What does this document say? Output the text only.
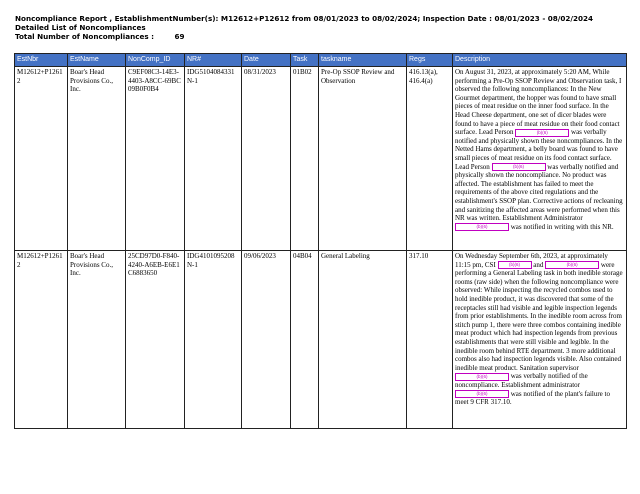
Noncompliance Report , EstablishmentNumber(s): M12612+P12612 from 08/01/2023 to 08/02/2024; Inspection Date : 08/01/2023 - 08/02/2024
Detailed List of Noncompliances
Total Number of Noncompliances :	69
EstNbr	EstName	NonComp_ID	NR#	Date	Task	taskname	Regs	Description
M12612+P12612	Boar's Head Provisions Co., Inc.	C9EF08C3-14E3-4403-A8CC-69BC09B0F0B4	IDG5104084331N-1	08/31/2023	01B02	Pre-Op SSOP Review and Observation	416.13(a), 416.4(a)	On August 31, 2023, at approximately 5:20 AM, While performing a Pre-Op SSOP Review and Observation task, I observed the following noncompliances: In the New Gourmet department, the hopper was found to have small pieces of meat residue on the inner food surface. In the Head Cheese department, one set of dicer blades were found to have a piece of meat residue on their food contact surface. Lead Person (b)(6) was verbally notified and physically shown these noncompliances. In the Netted Hams department, a belly board was found to have small pieces of meat residue on its food contact surface. Lead Person (b)(6) was verbally notified and physically shown the noncompliance. No product was affected. The establishment has failed to meet the requirements of the above cited regulations and the establishment's SSOP plan. Corrective actions of recleaning and sanitizing the affected areas were performed when this NR was written. Establishment Administrator (b)(6) was notified in writing with this NR.
M12612+P12612	Boar's Head Provisions Co., Inc.	25CD97D0-F840-4240-A6EB-E6E1C6883650	IDG4101095208N-1	09/06/2023	04B04	General Labeling	317.10	On Wednesday September 6th, 2023, at approximately 11:15 pm, CSI (b)(6) and (b)(6) were performing a General Labeling task in both inedible storage rooms (raw side) when the following noncompliance were observed: While inspecting the recycled combos used to hold inedible product, it was discovered that some of the receptacles still had visible and legible inspection legends from prior establishments. In the inedible room across from stitch pump 1, there were three combos containing inedible meat product which had inspection legends from previous establishments that were still visible and legible. In the inedible room behind RTE department. 3 more additional combos also had inspection legends visible. Also contained inedible meat product. Sanitation supervisor (b)(6) was verbally notified of the noncompliance. Establishment administrator (b)(6) was notified of the plant's failure to meet 9 CFR 317.10.
